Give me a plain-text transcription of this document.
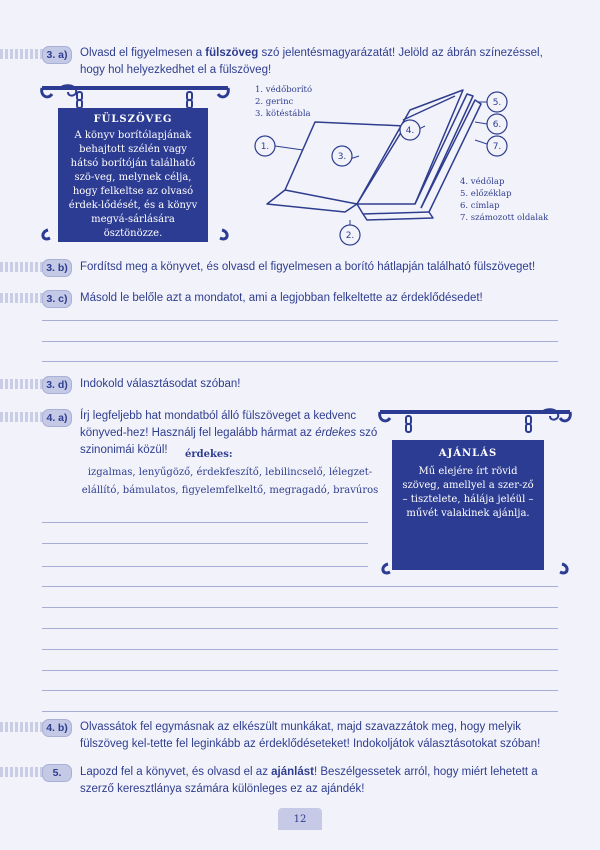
3. a)	Olvasd el figyelmesen a fülszöveg szó jelentésmagyarázatát! Jelöld az ábrán színezéssel, hogy hol helyezkedhet el a fülszöveg!
FÜLSZÖVEG
A könyv borítólapjának behajtott szélén vagy hátsó borítóján található szö-veg, melynek célja, hogy felkeltse az olvasó érdek-lődését, és a könyv megvá-sárlására ösztönözze.
1. védőborító
2. gerinc
3. kötéstábla
4. védőlap
5. előzéklap
6. címlap
7. számozott oldalak
1.
2.
3.
4.
5.
6.
7.
3. b)	Fordítsd meg a könyvet, és olvasd el figyelmesen a borító hátlapján található fülszöveget!
3. c)	Másold le belőle azt a mondatot, ami a legjobban felkeltette az érdeklődésedet!
3. d)	Indokold választásodat szóban!
4. a)	Írj legfeljebb hat mondatból álló fülszöveget a kedvenc könyved-hez! Használj fel legalább hármat az érdekes szó szinonimái közül!	érdekes:
izgalmas, lenyűgöző, érdekfeszítő, lebilincselő, lélegzet-
elállító, bámulatos, figyelemfelkeltő, megragadó, bravúros
AJÁNLÁS
Mű elejére írt rövid szöveg, amellyel a szer-ző – tisztelete, hálája jeléül – művét valakinek ajánlja.
4. b)	Olvassátok fel egymásnak az elkészült munkákat, majd szavazzátok meg, hogy melyik fülszöveg kel-tette fel leginkább az érdeklődéseteket! Indokoljátok választásotokat szóban!
5.	Lapozd fel a könyvet, és olvasd el az ajánlást! Beszélgessetek arról, hogy miért lehetett a szerző keresztlánya számára különleges ez az ajándék!
12
